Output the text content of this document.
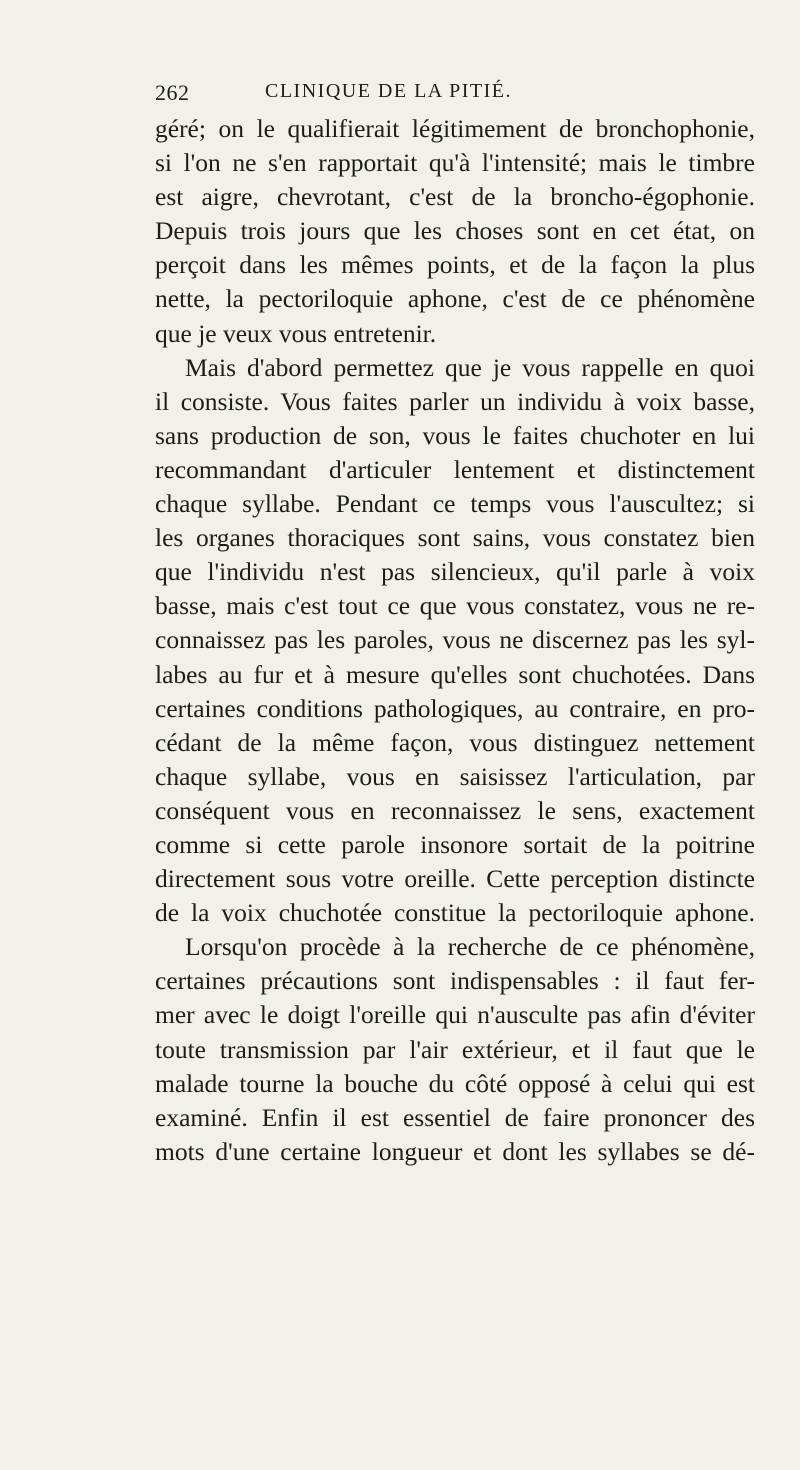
262	CLINIQUE DE LA PITIÉ.
géré; on le qualifierait légitimement de bronchophonie,
si l'on ne s'en rapportait qu'à l'intensité; mais le timbre
est aigre, chevrotant, c'est de la broncho-égophonie.
Depuis trois jours que les choses sont en cet état, on
perçoit dans les mêmes points, et de la façon la plus
nette, la pectoriloquie aphone, c'est de ce phénomène
que je veux vous entretenir.
Mais d'abord permettez que je vous rappelle en quoi
il consiste. Vous faites parler un individu à voix basse,
sans production de son, vous le faites chuchoter en lui
recommandant d'articuler lentement et distinctement
chaque syllabe. Pendant ce temps vous l'auscultez; si
les organes thoraciques sont sains, vous constatez bien
que l'individu n'est pas silencieux, qu'il parle à voix
basse, mais c'est tout ce que vous constatez, vous ne re-
connaissez pas les paroles, vous ne discernez pas les syl-
labes au fur et à mesure qu'elles sont chuchotées. Dans
certaines conditions pathologiques, au contraire, en pro-
cédant de la même façon, vous distinguez nettement
chaque syllabe, vous en saisissez l'articulation, par
conséquent vous en reconnaissez le sens, exactement
comme si cette parole insonore sortait de la poitrine
directement sous votre oreille. Cette perception distincte
de la voix chuchotée constitue la pectoriloquie aphone.
Lorsqu'on procède à la recherche de ce phénomène,
certaines précautions sont indispensables : il faut fer-
mer avec le doigt l'oreille qui n'ausculte pas afin d'éviter
toute transmission par l'air extérieur, et il faut que le
malade tourne la bouche du côté opposé à celui qui est
examiné. Enfin il est essentiel de faire prononcer des
mots d'une certaine longueur et dont les syllabes se dé-
